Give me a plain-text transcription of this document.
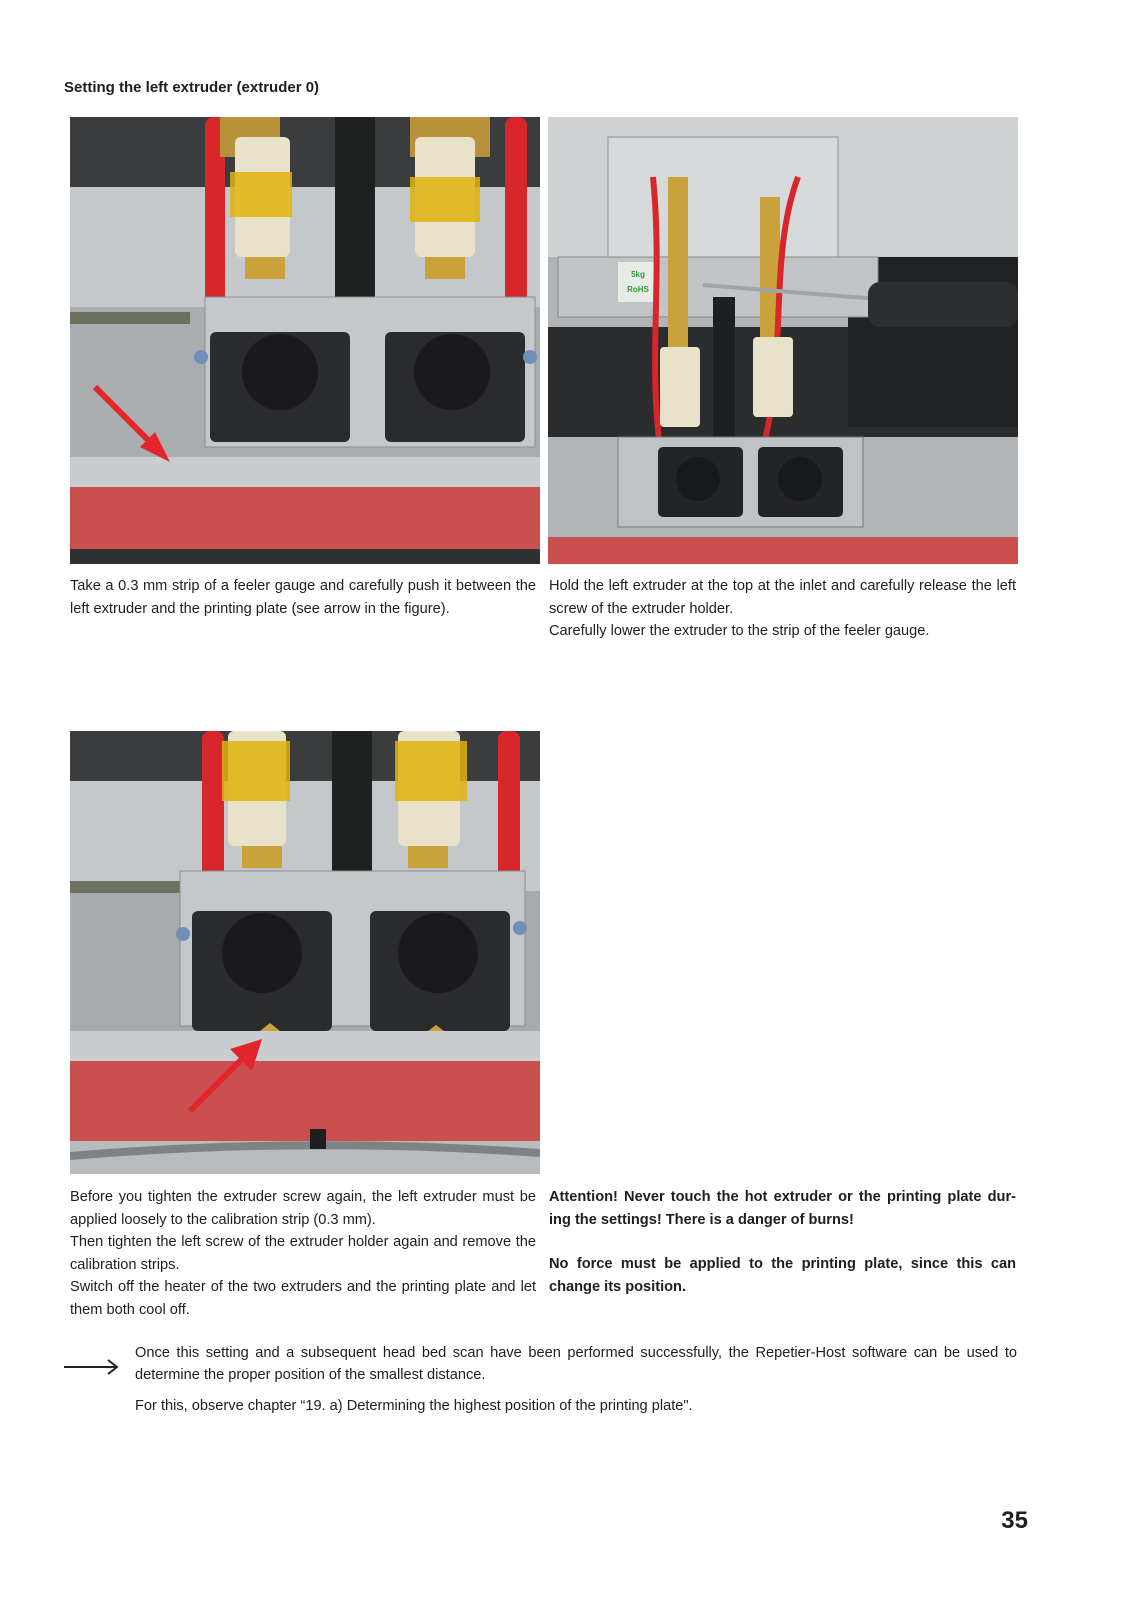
Setting the left extruder (extruder 0)
5kg
RoHS

Take a 0.3 mm strip of a feeler gauge and carefully push it between the left extruder and the printing plate (see arrow in the figure).

Hold the left extruder at the top at the inlet and carefully release the left screw of the extruder holder.

Carefully lower the extruder to the strip of the feeler gauge.

Before you tighten the extruder screw again, the left extruder must be applied loosely to the calibration strip (0.3 mm).

Then tighten the left screw of the extruder holder again and remove the calibration strips.

Switch off the heater of the two extruders and the printing plate and let them both cool off.

Attention! Never touch the hot extruder or the printing plate dur-ing the settings! There is a danger of burns!

No force must be applied to the printing plate, since this can change its position.

Once this setting and a subsequent head bed scan have been performed successfully, the Repetier-Host software can be used to determine the proper position of the smallest distance.

For this, observe chapter “19. a) Determining the highest position of the printing plate".

35
